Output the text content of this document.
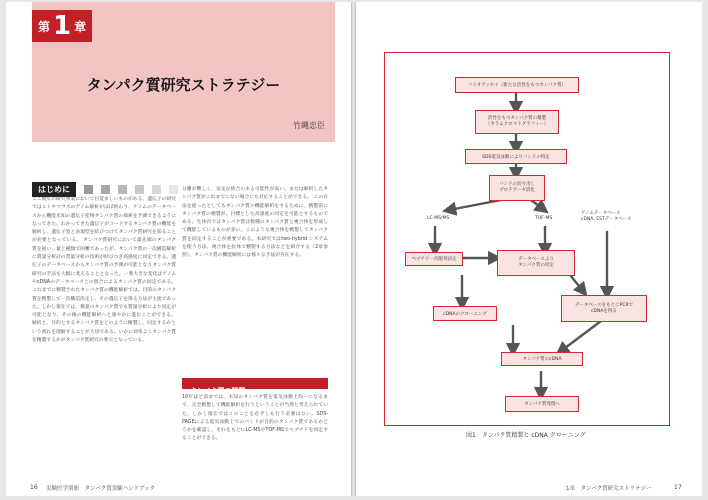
第 1 章
タンパク質研究ストラテジー
竹縄忠臣
はじめに
ここ数年の研究事業において目覚ましいものがある。遺伝子の研究ではヒトやマウスのゲノム解析がほぼ終わり、ゲノムのデータベースから機能未知の遺伝子産物タンパク質の探索を予測できるようになってきた。わかってきた遺伝子がコードするタンパク質の機能を解析し、遺伝子型と表現型を結びつけてタンパク質研究を知ることが必要となっている。 タンパク質研究において最先端のタンパク質を扱い、量と種類で困難であったが、タンパク質の一次構造解析に質量分析計の質量分析の技術が結びつき高感度に同定できる。遺伝子のデータベースからタンパク質の予測が可能となりタンパク質研究の手法を大幅に変えることとなった。一番大きな変化はゲノムやcDNAのデータベースとの照合によるタンパク質の同定である。これまでに精製されたタンパク質の機能解析では、目的のタンパク質を精製して一次構造決定し、その遺伝子を得る方法が主流であった。しかし現在では、微量のタンパク質でも質量分析により同定が可能となり、その後の機能解析へと速やかに進むことができる。 解析と、目的とするタンパク質をどのように精製し、同定するかという流れを理解することが大切である。いかに効率よくタンパク質を精製するかがタンパク質研究の要点となっている。
分離が難しく、安定な結合のある可能性が高い。または解析したタンパク質がこれまでにない場合にも対応することができる。 この方法を使ったとしてもタンパク質の機能解析をするために、精製前にタンパク質の精製が、目標とした高感度の同定を可能とするものである。生体内ではタンパク質は数種のタンパク質と複合体を形成して機能しているものが多い。このような複合体を精製してタンパク質を同定することが重要である。本研究ではtwo-hybrid システムを使う方法、複合体を抗体で精製する方法などを紹介する（2章参照）。タンパク質の機能解析には様々な手法が存在する。
タンパク質の精製
10年ほど前までは、未知のタンパク質を電気泳動上均一になるまで、完全精製して機能解析を行うということが当然と考えられていた。しかし現在ではこのことを必ずしも行う必要はない。SDS-PAGEによる電気泳動上でのバンドが目的のタンパク質であるかどうかを確認し、それをもとにLC-MSやTOF-MSでペプチドを同定することができる。
16 実験医学別冊　タンパク質実験ハンドブック
バイオアッセイ（新たな活性をもつタンパク質）
活性をもつタンパク質の精製
（カラムクロマトグラフィー）
SDS電気泳動によりバンドの特定
バンドの切り出し
プロテアーゼ消化
LC-MS/MS	TOF-MS
ゲノムデータベース
cDNA, ESTデータベース
ペプチド一次配列決定	データベースより
タンパク質の同定
cDNAのクローニング
データベースをもとにPCRで
cDNAを得る
タンパク質のcDNA
タンパク質発現へ
図1　タンパク質精製と cDNA クローニング
1章　タンパク質研究ストラテジー	17
